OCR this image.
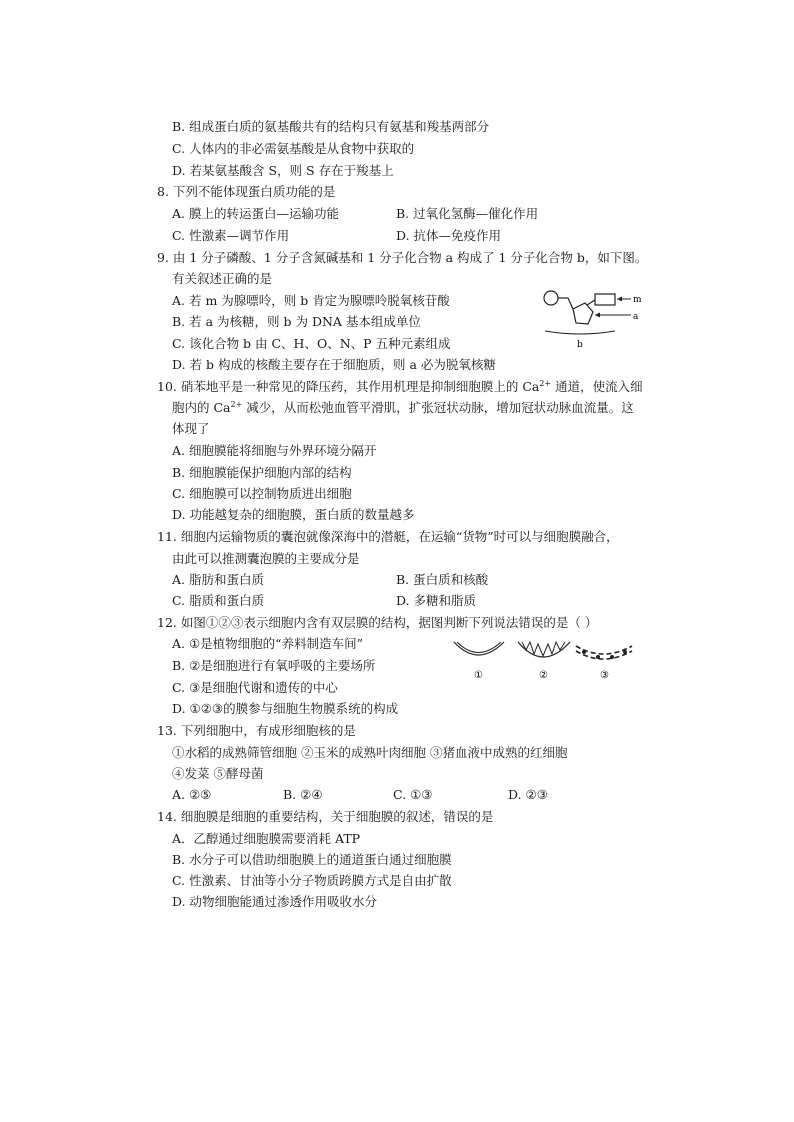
B. 组成蛋白质的氨基酸共有的结构只有氨基和羧基两部分
C. 人体内的非必需氨基酸是从食物中获取的
D. 若某氨基酸含 S，则 S 存在于羧基上
8. 下列不能体现蛋白质功能的是
A. 膜上的转运蛋白—运输功能	B. 过氧化氢酶—催化作用
C. 性激素—调节作用	D. 抗体—免疫作用
9. 由 1 分子磷酸、1 分子含氮碱基和 1 分子化合物 a 构成了 1 分子化合物 b，如下图。
有关叙述正确的是
A. 若 m 为腺嘌呤，则 b 肯定为腺嘌呤脱氧核苷酸
B. 若 a 为核糖，则 b 为 DNA 基本组成单位
C. 该化合物 b 由 C、H、O、N、P 五种元素组成
D. 若 b 构成的核酸主要存在于细胞质，则 a 必为脱氧核糖
m
a
b
10. 硝苯地平是一种常见的降压药，其作用机理是抑制细胞膜上的 $Ca^{2+}$ 通道，使流入细
胞内的 $Ca^{2+}$ 减少，从而松弛血管平滑肌，扩张冠状动脉，增加冠状动脉血流量。这
体现了
A. 细胞膜能将细胞与外界环境分隔开
B. 细胞膜能保护细胞内部的结构
C. 细胞膜可以控制物质进出细胞
D. 功能越复杂的细胞膜，蛋白质的数量越多
11. 细胞内运输物质的囊泡就像深海中的潜艇，在运输“货物”时可以与细胞膜融合，
由此可以推测囊泡膜的主要成分是
A. 脂肪和蛋白质	B. 蛋白质和核酸
C. 脂质和蛋白质	D. 多糖和脂质
12. 如图①②③表示细胞内含有双层膜的结构，据图判断下列说法错误的是（ ）
A. ①是植物细胞的“养料制造车间”
B. ②是细胞进行有氧呼吸的主要场所
C. ③是细胞代谢和遗传的中心
D. ①②③的膜参与细胞生物膜系统的构成
①	②	③
13. 下列细胞中，有成形细胞核的是
①水稻的成熟筛管细胞 ②玉米的成熟叶肉细胞 ③猪血液中成熟的红细胞
④发菜 ⑤酵母菌
A. ②⑤	B. ②④	C. ①③	D. ②③
14. 细胞膜是细胞的重要结构，关于细胞膜的叙述，错误的是
A．乙醇通过细胞膜需要消耗 ATP
B. 水分子可以借助细胞膜上的通道蛋白通过细胞膜
C. 性激素、甘油等小分子物质跨膜方式是自由扩散
D. 动物细胞能通过渗透作用吸收水分
